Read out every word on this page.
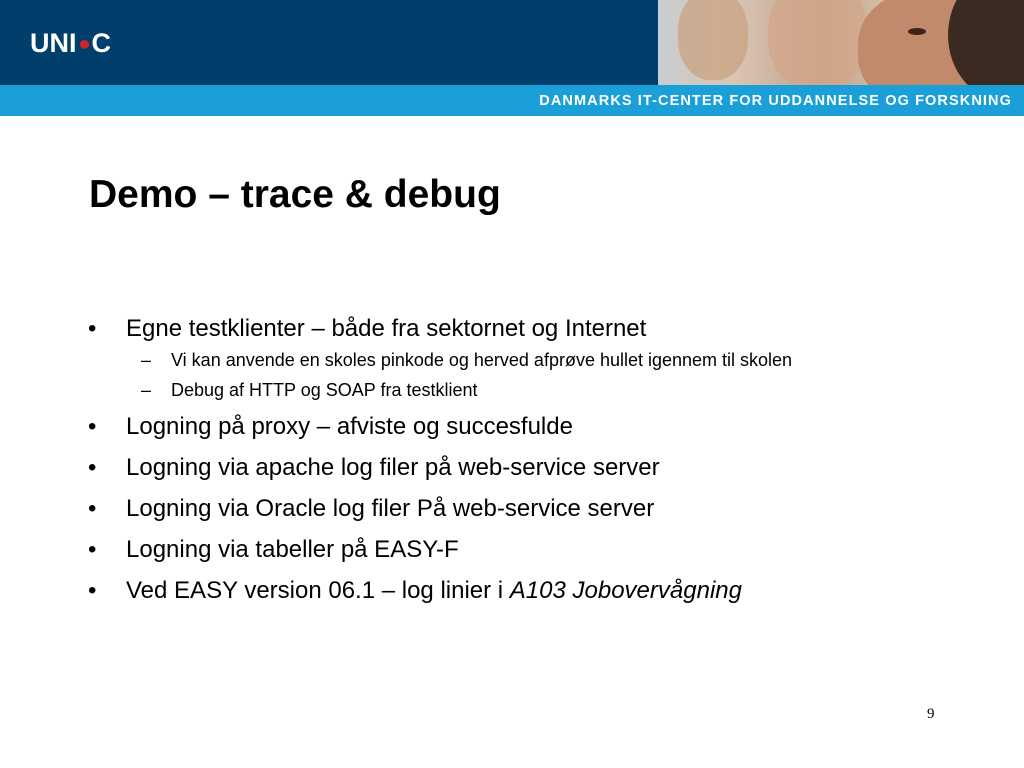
UNI C
DANMARKS IT-CENTER FOR UDDANNELSE OG FORSKNING
Demo – trace & debug
• Egne testklienter – både fra sektornet og Internet
– Vi kan anvende en skoles pinkode og herved afprøve hullet igennem til skolen
– Debug af HTTP og SOAP fra testklient
• Logning på proxy – afviste og succesfulde
• Logning via apache log filer på web-service server
• Logning via Oracle log filer På web-service server
• Logning via tabeller på EASY-F
• Ved EASY version 06.1 – log linier i A103 Jobovervågning
9
